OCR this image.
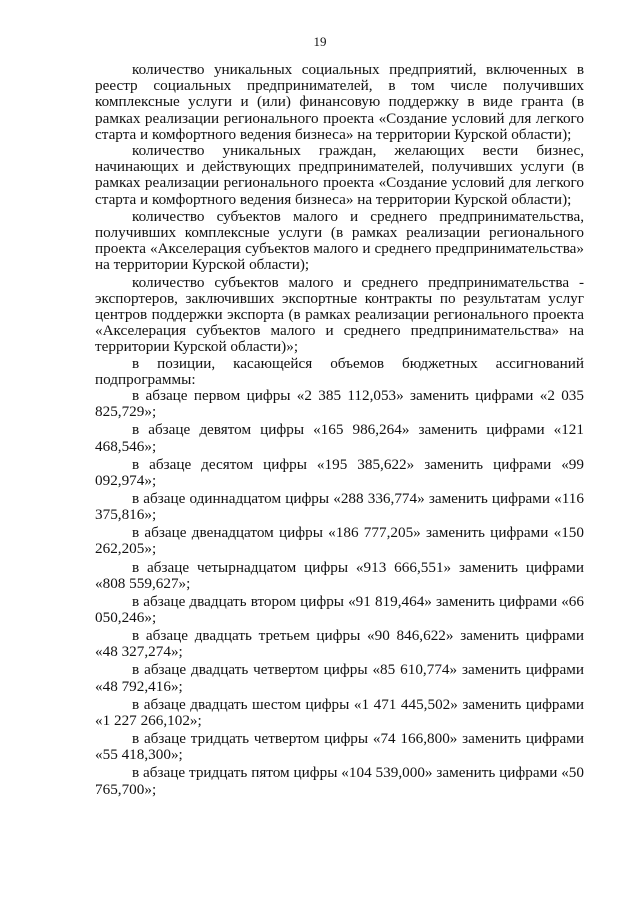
19

количество уникальных социальных предприятий, включенных в реестр социальных предпринимателей, в том числе получивших комплексные услуги и (или) финансовую поддержку в виде гранта (в рамках реализации регионального проекта «Создание условий для легкого старта и комфортного ведения бизнеса» на территории Курской области);

количество уникальных граждан, желающих вести бизнес, начинающих и действующих предпринимателей, получивших услуги (в рамках реализации регионального проекта «Создание условий для легкого старта и комфортного ведения бизнеса» на территории Курской области);

количество субъектов малого и среднего предпринимательства, получивших комплексные услуги (в рамках реализации регионального проекта «Акселерация субъектов малого и среднего предпринимательства» на территории Курской области);

количество субъектов малого и среднего предпринимательства - экспортеров, заключивших экспортные контракты по результатам услуг центров поддержки экспорта (в рамках реализации регионального проекта «Акселерация субъектов малого и среднего предпринимательства» на территории Курской области)»;

в позиции, касающейся объемов бюджетных ассигнований подпрограммы:

в абзаце первом цифры «2 385 112,053» заменить цифрами «2 035 825,729»;

в абзаце девятом цифры «165 986,264» заменить цифрами «121 468,546»;

в абзаце десятом цифры «195 385,622» заменить цифрами «99 092,974»;

в абзаце одиннадцатом цифры «288 336,774» заменить цифрами «116 375,816»;

в абзаце двенадцатом цифры «186 777,205» заменить цифрами «150 262,205»;

в абзаце четырнадцатом цифры «913 666,551» заменить цифрами «808 559,627»;

в абзаце двадцать втором цифры «91 819,464» заменить цифрами «66 050,246»;

в абзаце двадцать третьем цифры «90 846,622» заменить цифрами «48 327,274»;

в абзаце двадцать четвертом цифры «85 610,774» заменить цифрами «48 792,416»;

в абзаце двадцать шестом цифры «1 471 445,502» заменить цифрами «1 227 266,102»;

в абзаце тридцать четвертом цифры «74 166,800» заменить цифрами «55 418,300»;

в абзаце тридцать пятом цифры «104 539,000» заменить цифрами «50 765,700»;
